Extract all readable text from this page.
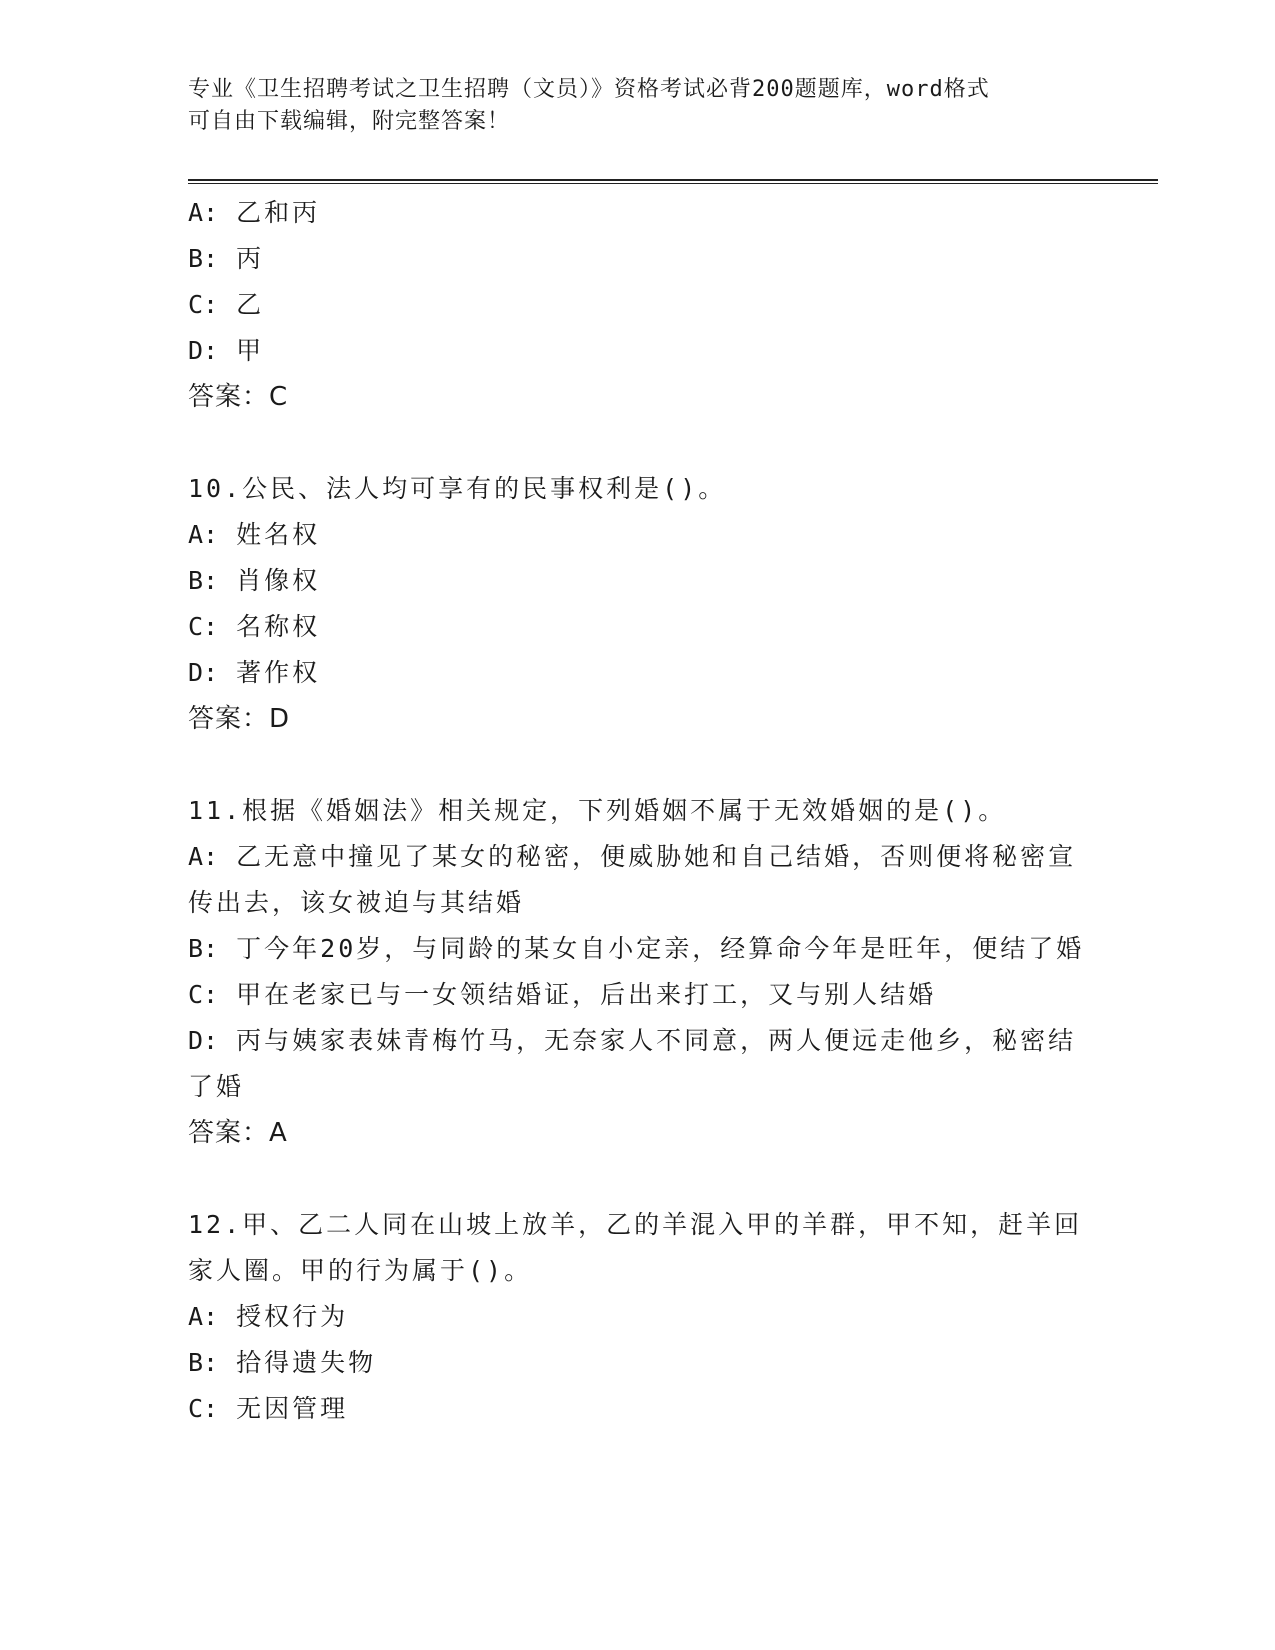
专业《卫生招聘考试之卫生招聘（文员）》资格考试必背200题题库，word格式
可自由下载编辑，附完整答案！
A: 乙和丙
B: 丙
C: 乙
D: 甲
答案：C
10.公民、法人均可享有的民事权利是()。
A: 姓名权
B: 肖像权
C: 名称权
D: 著作权
答案：D
11.根据《婚姻法》相关规定，下列婚姻不属于无效婚姻的是()。
A: 乙无意中撞见了某女的秘密，便威胁她和自己结婚，否则便将秘密宣传出去，该女被迫与其结婚
B: 丁今年20岁，与同龄的某女自小定亲，经算命今年是旺年，便结了婚
C: 甲在老家已与一女领结婚证，后出来打工，又与别人结婚
D: 丙与姨家表妹青梅竹马，无奈家人不同意，两人便远走他乡，秘密结了婚
答案：A
12.甲、乙二人同在山坡上放羊，乙的羊混入甲的羊群，甲不知，赶羊回家人圈。甲的行为属于()。
A: 授权行为
B: 拾得遗失物
C: 无因管理
